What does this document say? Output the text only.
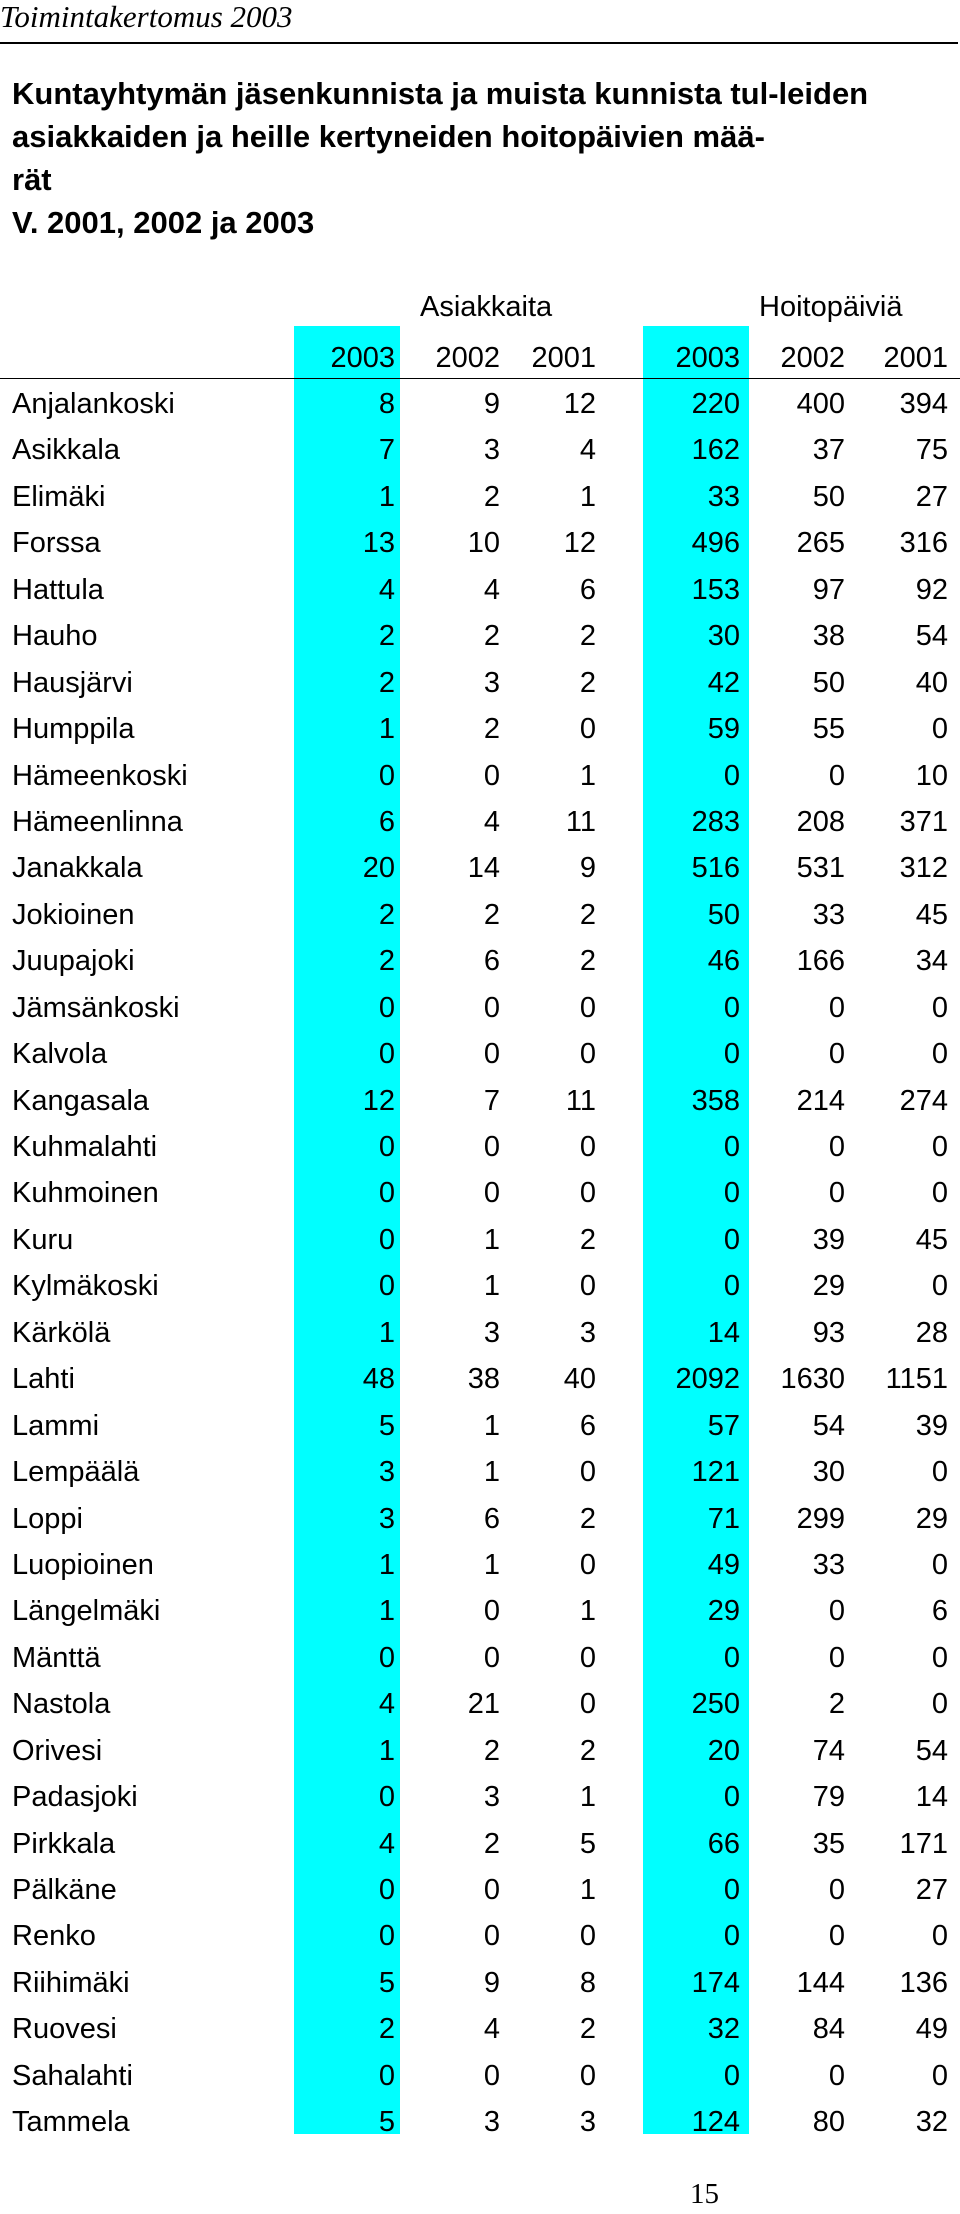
Toimintakertomus 2003
Kuntayhtymän jäsenkunnista ja muista kunnista tul-leiden
asiakkaiden ja heille kertyneiden hoitopäivien mää-
rät
V. 2001, 2002 ja 2003
Asiakkaita	Hoitopäiviä
2003	2002	2001	2003	2002	2001
Anjalankoski	8	9	12	220	400	394
Asikkala	7	3	4	162	37	75
Elimäki	1	2	1	33	50	27
Forssa	13	10	12	496	265	316
Hattula	4	4	6	153	97	92
Hauho	2	2	2	30	38	54
Hausjärvi	2	3	2	42	50	40
Humppila	1	2	0	59	55	0
Hämeenkoski	0	0	1	0	0	10
Hämeenlinna	6	4	11	283	208	371
Janakkala	20	14	9	516	531	312
Jokioinen	2	2	2	50	33	45
Juupajoki	2	6	2	46	166	34
Jämsänkoski	0	0	0	0	0	0
Kalvola	0	0	0	0	0	0
Kangasala	12	7	11	358	214	274
Kuhmalahti	0	0	0	0	0	0
Kuhmoinen	0	0	0	0	0	0
Kuru	0	1	2	0	39	45
Kylmäkoski	0	1	0	0	29	0
Kärkölä	1	3	3	14	93	28
Lahti	48	38	40	2092	1630	1151
Lammi	5	1	6	57	54	39
Lempäälä	3	1	0	121	30	0
Loppi	3	6	2	71	299	29
Luopioinen	1	1	0	49	33	0
Längelmäki	1	0	1	29	0	6
Mänttä	0	0	0	0	0	0
Nastola	4	21	0	250	2	0
Orivesi	1	2	2	20	74	54
Padasjoki	0	3	1	0	79	14
Pirkkala	4	2	5	66	35	171
Pälkäne	0	0	1	0	0	27
Renko	0	0	0	0	0	0
Riihimäki	5	9	8	174	144	136
Ruovesi	2	4	2	32	84	49
Sahalahti	0	0	0	0	0	0
Tammela	5	3	3	124	80	32
15
